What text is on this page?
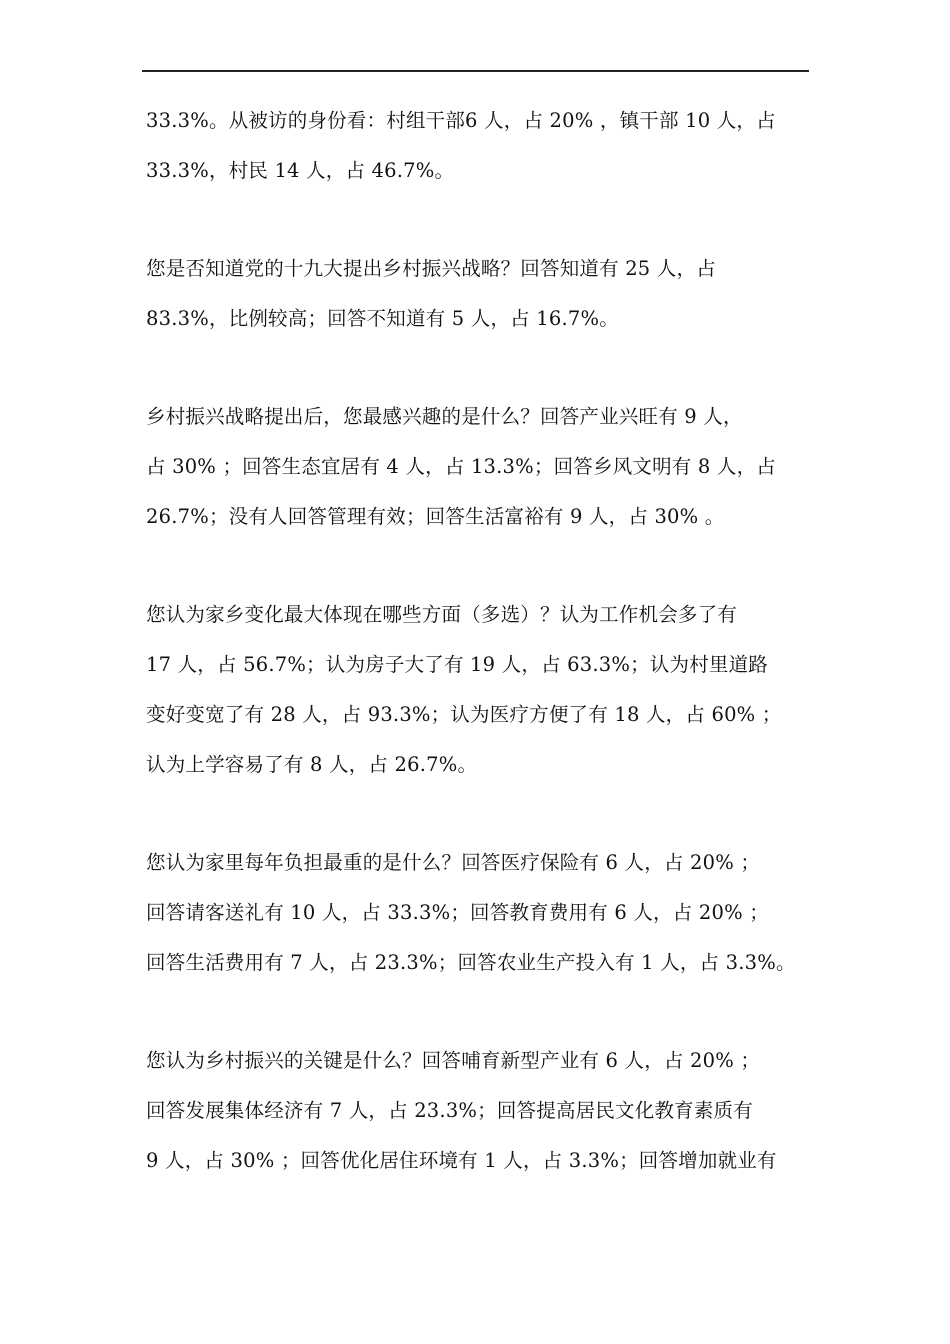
33.3%。从被访的身份看：村组干部6 人，占 20% ，镇干部 10 人，占
33.3%，村民 14 人，占 46.7%。

您是否知道党的十九大提出乡村振兴战略？回答知道有 25 人，占
83.3%，比例较高；回答不知道有 5 人，占 16.7%。

乡村振兴战略提出后，您最感兴趣的是什么？回答产业兴旺有 9 人，
占 30% ；回答生态宜居有 4 人，占 13.3%；回答乡风文明有 8 人，占
26.7%；没有人回答管理有效；回答生活富裕有 9 人，占 30% 。

您认为家乡变化最大体现在哪些方面（多选）？认为工作机会多了有
17 人，占 56.7%；认为房子大了有 19 人，占 63.3%；认为村里道路
变好变宽了有 28 人，占 93.3%；认为医疗方便了有 18 人，占 60% ；
认为上学容易了有 8 人，占 26.7%。

您认为家里每年负担最重的是什么？回答医疗保险有 6 人，占 20% ；
回答请客送礼有 10 人，占 33.3%；回答教育费用有 6 人，占 20% ；
回答生活费用有 7 人，占 23.3%；回答农业生产投入有 1 人，占 3.3%。

您认为乡村振兴的关键是什么？回答哺育新型产业有 6 人，占 20% ；
回答发展集体经济有 7 人，占 23.3%；回答提高居民文化教育素质有
9 人，占 30% ；回答优化居住环境有 1 人，占 3.3%；回答增加就业有
